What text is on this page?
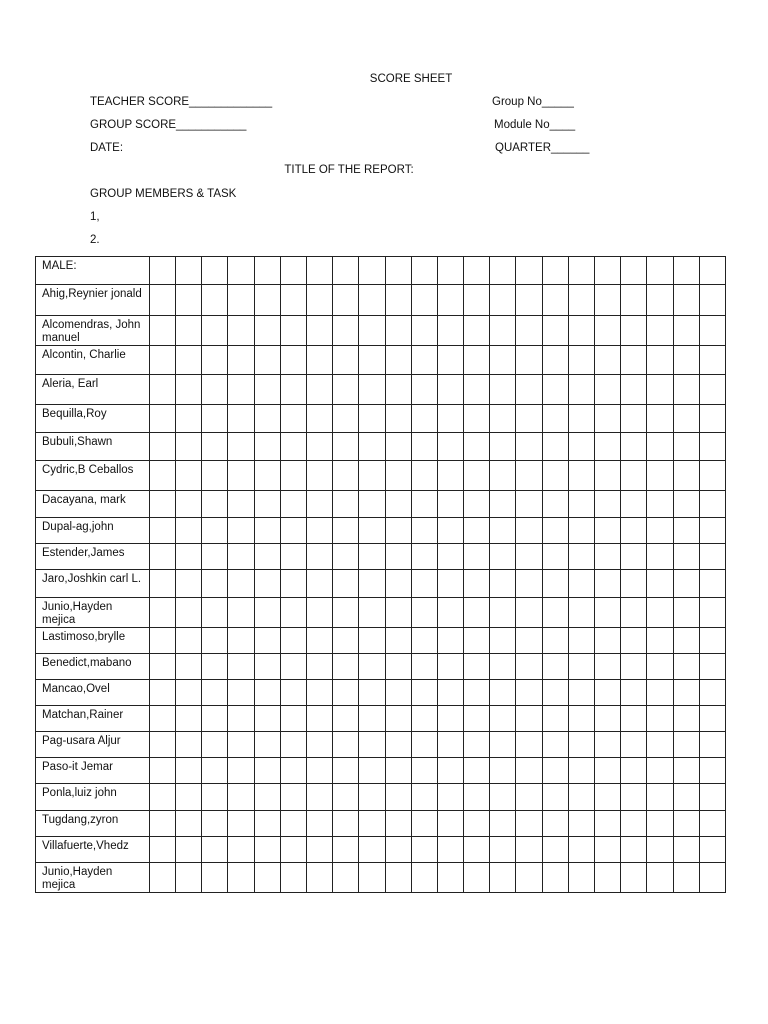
SCORE SHEET
TEACHER SCORE_____________	Group No_____
GROUP SCORE___________	Module No____
DATE:	QUARTER______
TITLE OF THE REPORT:
GROUP MEMBERS & TASK
1,
2.
MALE:																						
Ahig,Reynier jonald																						
Alcomendras, John manuel																						
Alcontin, Charlie																						
Aleria, Earl																						
Bequilla,Roy																						
Bubuli,Shawn																						
Cydric,B Ceballos																						
Dacayana, mark																						
Dupal-ag,john																						
Estender,James																						
Jaro,Joshkin carl L.																						
Junio,Hayden mejica																						
Lastimoso,brylle																						
Benedict,mabano																						
Mancao,Ovel																						
Matchan,Rainer																						
Pag-usara Aljur																						
Paso-it Jemar																						
Ponla,luiz john																						
Tugdang,zyron																						
Villafuerte,Vhedz																						
Junio,Hayden mejica																						
